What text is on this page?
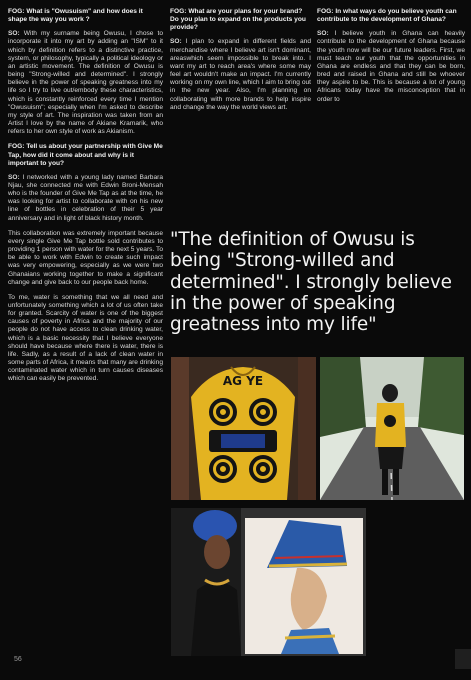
FOG: What is "Owusuism" and how does it shape the way you work ?
SO: With my surname being Owusu, I chose to incorporate it into my art by adding an "ISM" to it which by definition refers to a distinctive practice, system, or philosophy, typically a political ideology or an artistic movement. The definition of Owusu is being "Strong-willed and determined". I strongly believe in the power of speaking greatness into my life so I try to live out/embody these characteristics, which is constantly reinforced every time I mention "Owusuism"; especially when I'm asked to describe my style of art. The inspiration was taken from an Artist I love by the name of Akiane Kramarik, who refers to her own style of work as Akianism.
FOG: Tell us about your partnership with Give Me Tap, how did it come about and why is it important to you?
SO: I networked with a young lady named Barbara Njau, she connected me with Edwin Broni-Mensah who is the founder of Give Me Tap as at the time, he was looking for artist to collaborate with on his new line of bottles in celebration of their 5 year anniversary and in light of black history month.
This collaboration was extremely important because every single Give Me Tap bottle sold contributes to providing 1 person with water for the next 5 years. To be able to work with Edwin to create such impact was very empowering, especially as we were two Ghanaians working together to make a significant change and give back to our people back home.
To me, water is something that we all need and unfortunately something which a lot of us often take for granted. Scarcity of water is one of the biggest causes of poverty in Africa and the majority of our people do not have access to clean drinking water, which is a basic necessity that I believe everyone should have because where there is water, there is life. Sadly, as a result of a lack of clean water in some parts of Africa, it means that many are drinking contaminated water which in turn causes diseases which can easily be prevented.
FOG: What are your plans for your brand? Do you plan to expand on the products you provide?
SO: I plan to expand in different fields and merchandise where I believe art isn't dominant, areaswhich seem impossible to break into. I want my art to reach area's where some may feel art wouldn't make an impact. I'm currently working on my own line, which I aim to bring out in the new year. Also, I'm planning on collaborating with more brands to help inspire and change the way the world views art.
FOG: In what ways do you believe youth can contribute to the development of Ghana?
SO: I believe youth in Ghana can heavily contribute to the development of Ghana because the youth now will be our future leaders. First, we must teach our youth that the opportunities in Ghana are endless and that they can be born, bred and raised in Ghana and still be whoever they aspire to be. This is because a lot of young Africans today have the misconception that in order to
"The definition of Owusu is being "Strong-willed and determined". I strongly believe in the power of speaking greatness into my life"
AG YE
56
